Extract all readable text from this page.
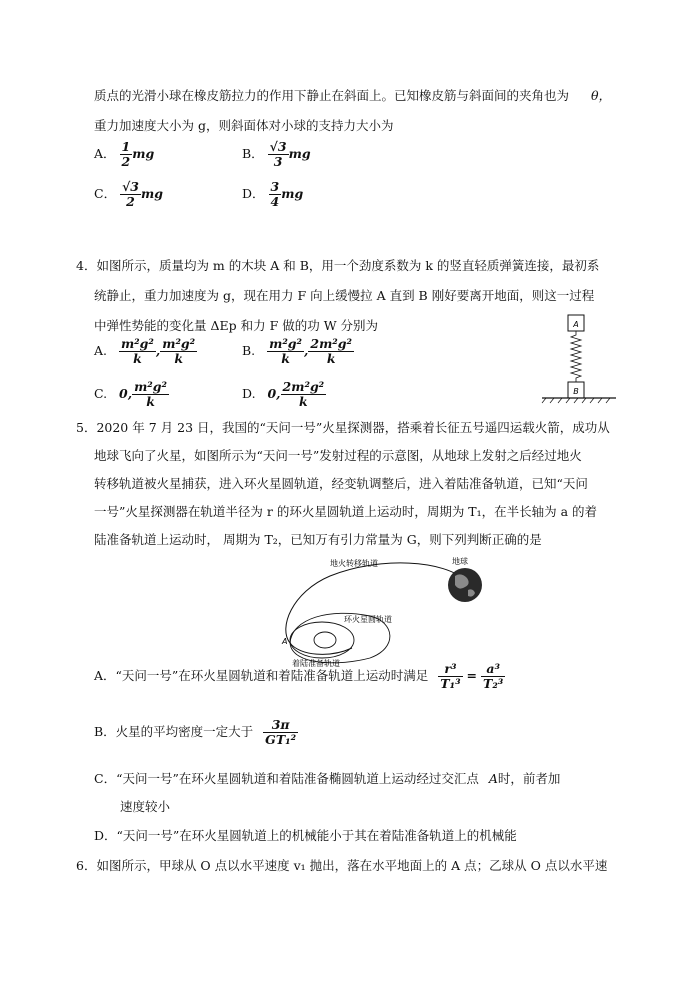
质点的光滑小球在橡皮筋拉力的作用下静止在斜面上。已知橡皮筋与斜面间的夹角也为 θ，
重力加速度大小为 g，则斜面体对小球的支持力大小为
A． $\frac{1}{2}$ mg	B． $\frac{√3}{3}$ mg
C． $\frac{√3}{2}$ mg	D． $\frac{3}{4}$ mg
4．如图所示，质量均为 m 的木块 A 和 B，用一个劲度系数为 k 的竖直轻质弹簧连接，最初系
统静止，重力加速度为 g，现在用力 F 向上缓慢拉 A 直到 B 刚好要离开地面，则这一过程
中弹性势能的变化量 ΔEp 和力 F 做的功 W 分别为
A. $\frac{\text{m²g²}}{k}$ , $\frac{\text{m²g²}}{k}$	B. $\frac{\text{m²g²}}{k}$ , $\frac{\text{2m²g²}}{k}$
C. 0, $\frac{\text{m²g²}}{k}$	D. 0, $\frac{\text{2m²g²}}{k}$
A
B
5．2020 年 7 月 23 日，我国的“天问一号”火星探测器，搭乘着长征五号遥四运载火箭，成功从
地球飞向了火星，如图所示为“天问一号”发射过程的示意图，从地球上发射之后经过地火
转移轨道被火星捕获，进入环火星圆轨道，经变轨调整后，进入着陆准备轨道，已知“天问
一号”火星探测器在轨道半径为 r 的环火星圆轨道上运动时，周期为 T₁，在半长轴为 a 的着
陆准备轨道上运动时， 周期为 T₂，已知万有引力常量为 G，则下列判断正确的是
地火转移轨道	地球
环火星圆轨道
A
着陆准备轨道
A．“天问一号”在环火星圆轨道和着陆准备轨道上运动时满足 $\frac{\text{r³}}{\text{T₁³}} = \frac{\text{a³}}{\text{T₂³}}$
B．火星的平均密度一定大于 $\frac{3\pi}{\text{GT₁²}}$
C．“天问一号”在环火星圆轨道和着陆准备椭圆轨道上运动经过交汇点 A时，前者加
速度较小
D．“天问一号”在环火星圆轨道上的机械能小于其在着陆准备轨道上的机械能
6．如图所示，甲球从 O 点以水平速度 v₁ 抛出，落在水平地面上的 A 点；乙球从 O 点以水平速
